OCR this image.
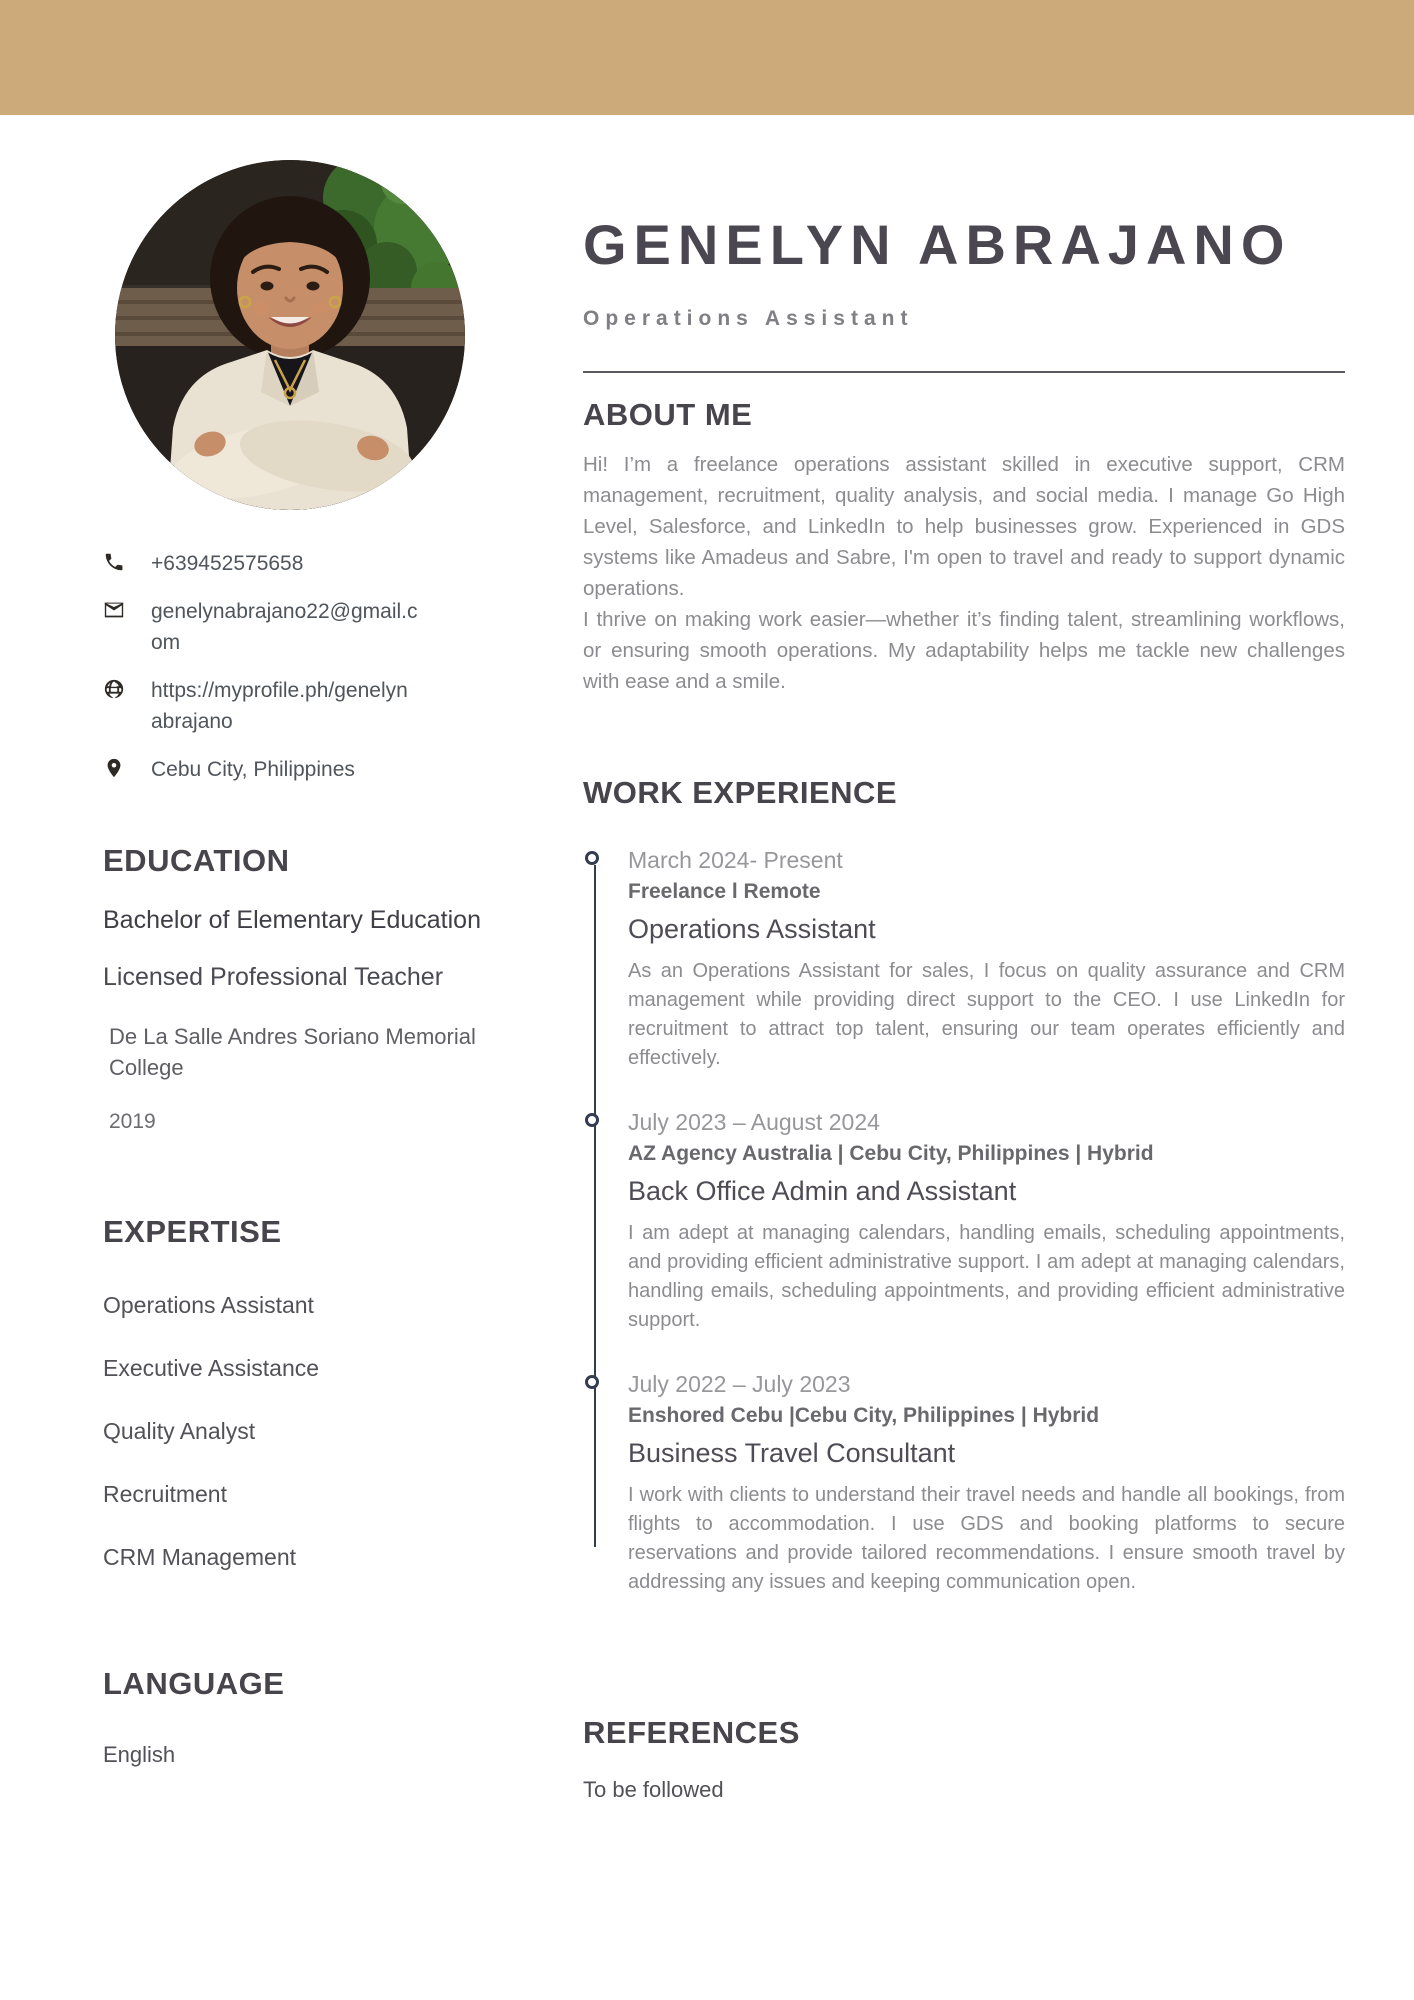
+639452575658
genelynabrajano22@gmail.com
https://myprofile.ph/genelynabrajano
Cebu City, Philippines
EDUCATION
Bachelor of Elementary Education
Licensed Professional Teacher
De La Salle Andres Soriano Memorial College
2019
EXPERTISE
Operations Assistant
Executive Assistance
Quality Analyst
Recruitment
CRM Management
LANGUAGE
English
GENELYN ABRAJANO
Operations Assistant
ABOUT ME

Hi! I’m a freelance operations assistant skilled in executive support, CRM management, recruitment, quality analysis, and social media. I manage Go High Level, Salesforce, and LinkedIn to help businesses grow. Experienced in GDS systems like Amadeus and Sabre, I'm open to travel and ready to support dynamic operations.

I thrive on making work easier—whether it’s finding talent, streamlining workflows, or ensuring smooth operations. My adaptability helps me tackle new challenges with ease and a smile.

WORK EXPERIENCE
March 2024- Present
Freelance l Remote
Operations Assistant
As an Operations Assistant for sales, I focus on quality assurance and CRM management while providing direct support to the CEO. I use LinkedIn for recruitment to attract top talent, ensuring our team operates efficiently and effectively.
July 2023 – August 2024
AZ Agency Australia | Cebu City, Philippines | Hybrid
Back Office Admin and Assistant
I am adept at managing calendars, handling emails, scheduling appointments, and providing efficient administrative support. I am adept at managing calendars, handling emails, scheduling appointments, and providing efficient administrative support.
July 2022 – July 2023
Enshored Cebu |Cebu City, Philippines | Hybrid
Business Travel Consultant
I work with clients to understand their travel needs and handle all bookings, from flights to accommodation. I use GDS and booking platforms to secure reservations and provide tailored recommendations. I ensure smooth travel by addressing any issues and keeping communication open.
REFERENCES
To be followed
